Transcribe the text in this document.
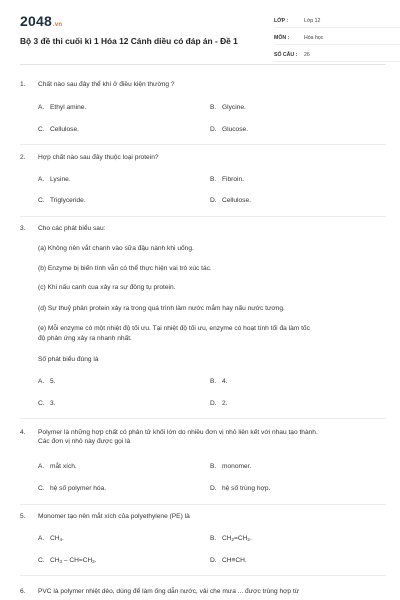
2048.vn
Bộ 3 đề thi cuối kì 1 Hóa 12 Cánh diều có đáp án - Đề 1
LỚP :	Lớp 12
MÔN :	Hóa học
SỐ CÂU :	26
1. Chất nào sau đây thể khí ở điều kiện thường ?
A. Ethyl amine.	B. Glycine.
C. Cellulose.	D. Glucose.
2. Hợp chất nào sau đây thuộc loại protein?
A. Lysine.	B. Fibroin.
C. Triglyceride.	D. Cellulose.
3. Cho các phát biểu sau:
(a) Không nên vắt chanh vào sữa đậu nành khi uống.
(b) Enzyme bị biến tính vẫn có thể thực hiện vai trò xúc tác.
(c) Khi nấu canh cua xảy ra sự đông tụ protein.
(d) Sự thuỷ phân protein xảy ra trong quá trình làm nước mắm hay nấu nước tương.
(e) Mỗi enzyme có một nhiệt độ tối ưu. Tại nhiệt độ tối ưu, enzyme có hoạt tính tối đa làm tốc
độ phản ứng xảy ra nhanh nhất.
Số phát biểu đúng là
A. 5.	B. 4.
C. 3.	D. 2.
4. Polymer là những hợp chất có phân tử khối lớn do nhiều đơn vị nhỏ liên kết với nhau tạo thành.
Các đơn vị nhỏ này được gọi là
A. mắt xích.	B. monomer.
C. hệ số polymer hóa.	D. hệ số trùng hợp.
5. Monomer tạo nên mắt xích của polyethylene (PE) là
A. $CH_4$.	B. $CH_2=CH_2$.
C. $CH_3 - CH=CH_2$.	D. CH≡CH.
6. PVC là polymer nhiệt dẻo, dùng để làm ống dẫn nước, vải che mưa ... được trùng hợp từ
